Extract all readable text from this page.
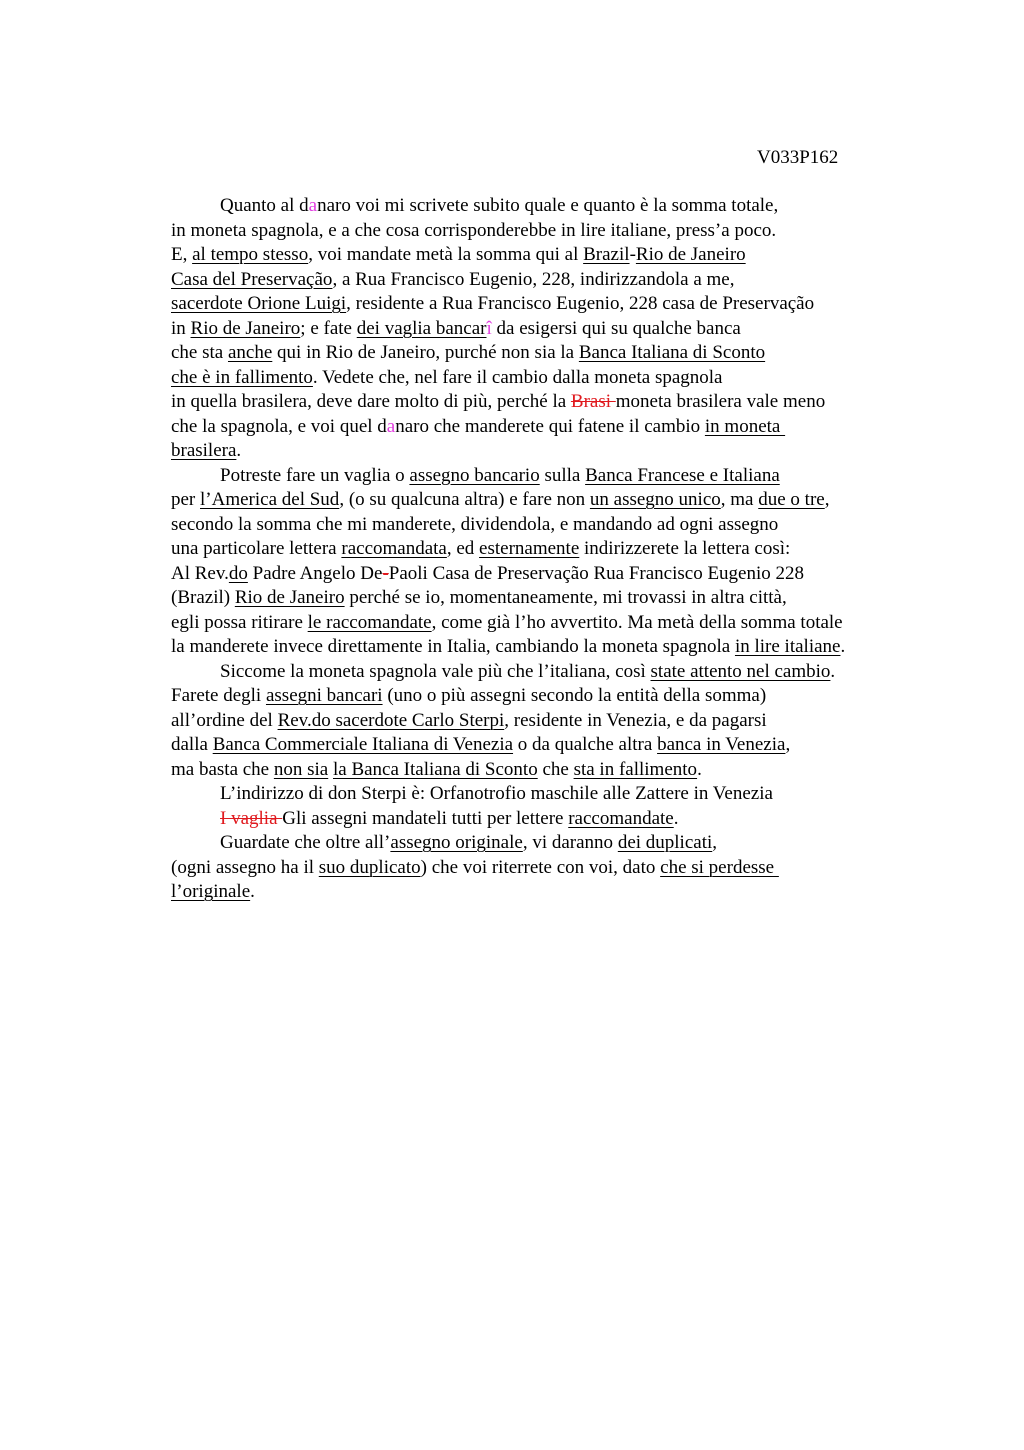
V033P162
Quanto al danaro voi mi scrivete subito quale e quanto è la somma totale,
in moneta spagnola, e a che cosa corrisponderebbe in lire italiane, press’a poco.
E, al tempo stesso, voi mandate metà la somma qui al Brazil-Rio de Janeiro
Casa del Preservação, a Rua Francisco Eugenio, 228, indirizzandola a me,
sacerdote Orione Luigi, residente a Rua Francisco Eugenio, 228 casa de Preservação
in Rio de Janeiro; e fate dei vaglia bancarî da esigersi qui su qualche banca
che sta anche qui in Rio de Janeiro, purché non sia la Banca Italiana di Sconto
che è in fallimento. Vedete che, nel fare il cambio dalla moneta spagnola
in quella brasilera, deve dare molto di più, perché la Brasi moneta brasilera vale meno
che la spagnola, e voi quel danaro che manderete qui fatene il cambio in moneta
brasilera.
Potreste fare un vaglia o assegno bancario sulla Banca Francese e Italiana
per l’America del Sud, (o su qualcuna altra) e fare non un assegno unico, ma due o tre,
secondo la somma che mi manderete, dividendola, e mandando ad ogni assegno
una particolare lettera raccomandata, ed esternamente indirizzerete la lettera così:
Al Rev.do Padre Angelo De-Paoli Casa de Preservação Rua Francisco Eugenio 228
(Brazil) Rio de Janeiro perché se io, momentaneamente, mi trovassi in altra città,
egli possa ritirare le raccomandate, come già l’ho avvertito. Ma metà della somma totale
la manderete invece direttamente in Italia, cambiando la moneta spagnola in lire italiane.
Siccome la moneta spagnola vale più che l’italiana, così state attento nel cambio.
Farete degli assegni bancari (uno o più assegni secondo la entità della somma)
all’ordine del Rev.do sacerdote Carlo Sterpi, residente in Venezia, e da pagarsi
dalla Banca Commerciale Italiana di Venezia o da qualche altra banca in Venezia,
ma basta che non sia la Banca Italiana di Sconto che sta in fallimento.
L’indirizzo di don Sterpi è: Orfanotrofio maschile alle Zattere in Venezia
I vaglia Gli assegni mandateli tutti per lettere raccomandate.
Guardate che oltre all’assegno originale, vi daranno dei duplicati,
(ogni assegno ha il suo duplicato) che voi riterrete con voi, dato che si perdesse
l’originale.
